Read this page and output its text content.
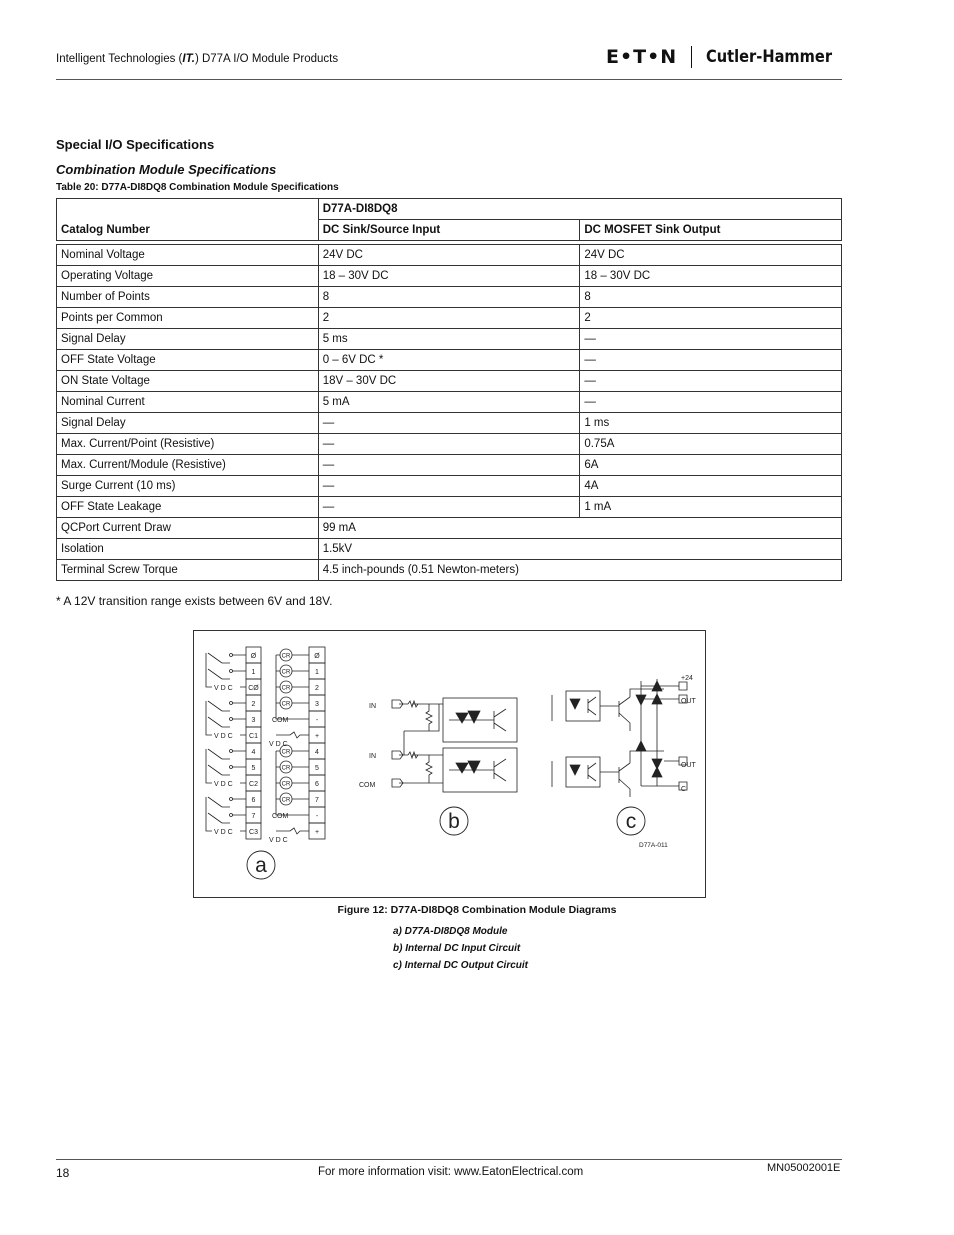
Intelligent Technologies (IT.) D77A I/O Module Products	E•T•N Cutler-Hammer
Special I/O Specifications
Combination Module Specifications
Table 20: D77A-DI8DQ8 Combination Module Specifications
Catalog Number	D77A-DI8DQ8	
	DC Sink/Source Input	DC MOSFET Sink Output

Nominal Voltage	24V DC	24V DC
Operating Voltage	18 – 30V DC	18 – 30V DC
Number of Points	8	8
Points per Common	2	2
Signal Delay	5 ms	—
OFF State Voltage	0 – 6V DC *	—
ON State Voltage	18V – 30V DC	—
Nominal Current	5 mA	—
Signal Delay	—	1 ms
Max. Current/Point (Resistive)	—	0.75A
Max. Current/Module (Resistive)	—	6A
Surge Current (10 ms)	—	4A
OFF State Leakage	—	1 mA
QCPort Current Draw	99 mA	
Isolation	1.5kV	
Terminal Screw Torque	4.5 inch-pounds (0.51 Newton-meters)	
* A 12V transition range exists between 6V and 18V.
Ø
1
CØ
2
3
C1
4
5
C2
6
7
C3
Ø
1
2
3
-
+
4
5
6
7
-
+
V D C
V D C
V D C
V D C
CR
CR
CR
CR
CR
CR
CR
CR
COM
V D C
COM
V D C
IN
IN
COM
+24
OUT
OUT
C
D77A-011
a
b	c
Figure 12: D77A-DI8DQ8 Combination Module Diagrams
a) D77A-DI8DQ8 Module
b) Internal DC Input Circuit
c) Internal DC Output Circuit
18	For more information visit: www.EatonElectrical.com	MN05002001E
